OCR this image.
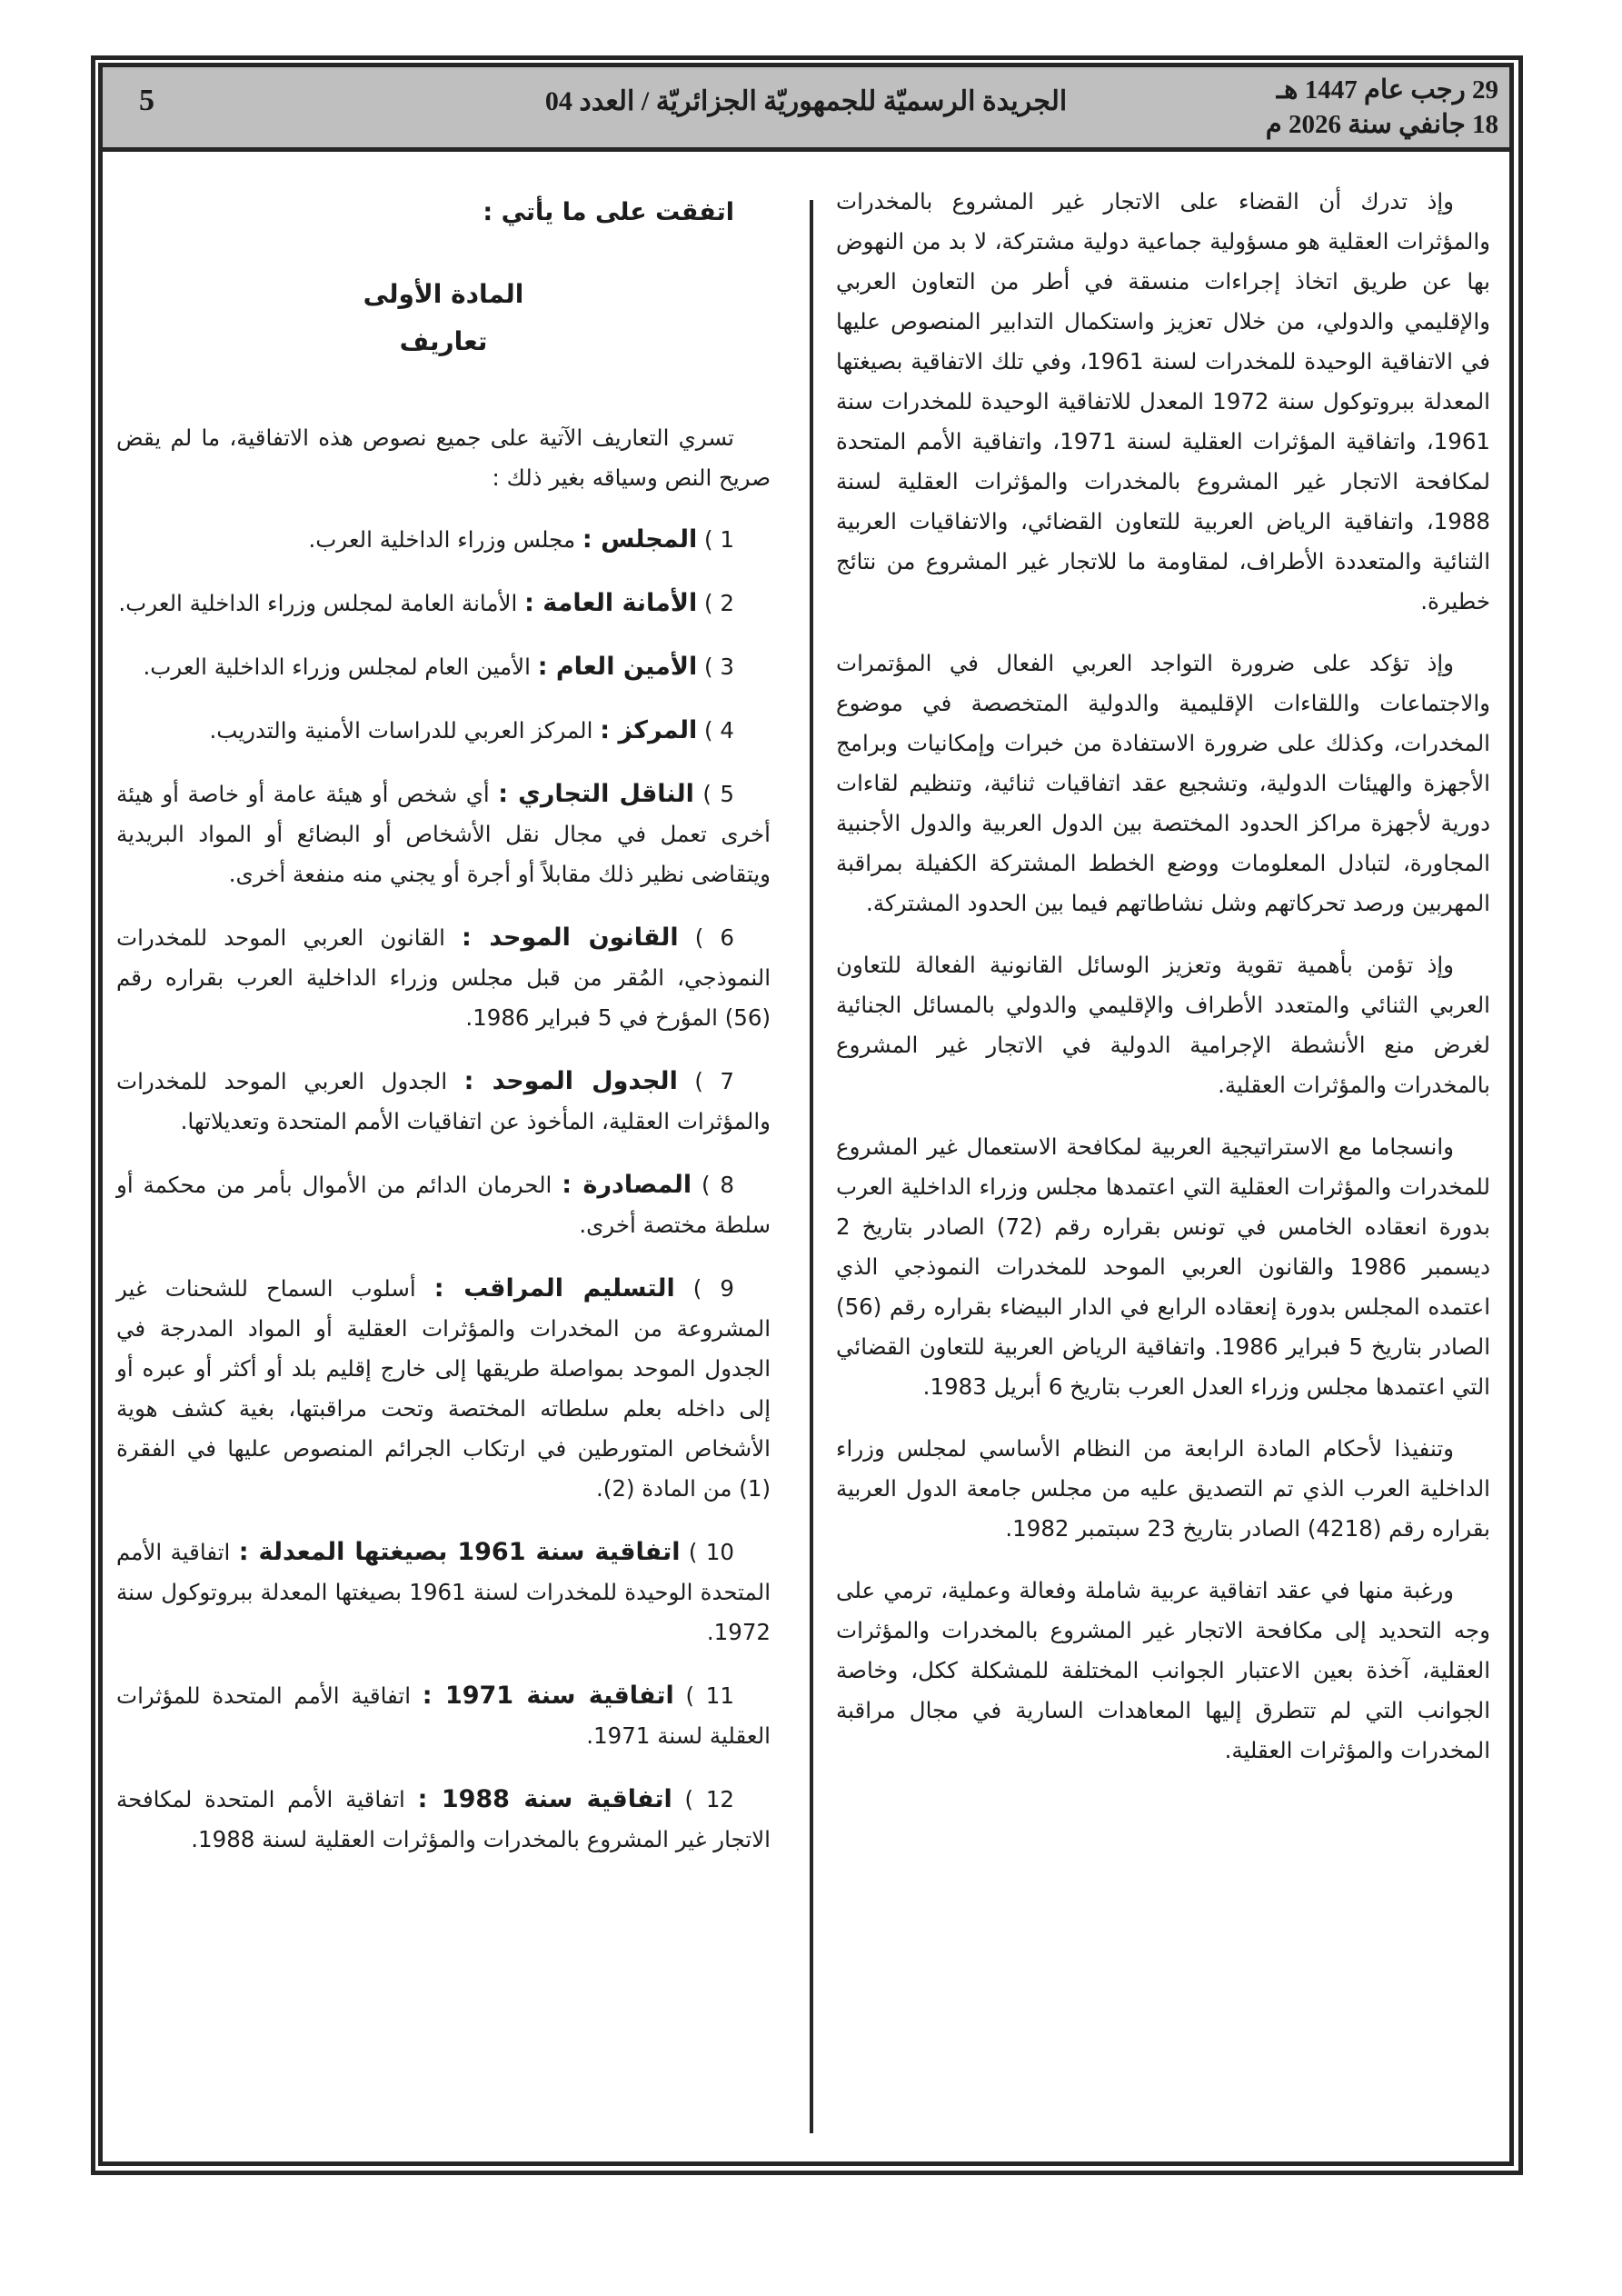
29 رجب عام 1447 هـ
18 جانفي سنة 2026 م
الجريدة الرسميّة للجمهوريّة الجزائريّة / العدد 04
5

وإذ تدرك أن القضاء على الاتجار غير المشروع بالمخدرات والمؤثرات العقلية هو مسؤولية جماعية دولية مشتركة، لا بد من النهوض بها عن طريق اتخاذ إجراءات منسقة في أطر من التعاون العربي والإقليمي والدولي، من خلال تعزيز واستكمال التدابير المنصوص عليها في الاتفاقية الوحيدة للمخدرات لسنة 1961، وفي تلك الاتفاقية بصيغتها المعدلة ببروتوكول سنة 1972 المعدل للاتفاقية الوحيدة للمخدرات سنة 1961، واتفاقية المؤثرات العقلية لسنة 1971، واتفاقية الأمم المتحدة لمكافحة الاتجار غير المشروع بالمخدرات والمؤثرات العقلية لسنة 1988، واتفاقية الرياض العربية للتعاون القضائي، والاتفاقيات العربية الثنائية والمتعددة الأطراف، لمقاومة ما للاتجار غير المشروع من نتائج خطيرة.

وإذ تؤكد على ضرورة التواجد العربي الفعال في المؤتمرات والاجتماعات واللقاءات الإقليمية والدولية المتخصصة في موضوع المخدرات، وكذلك على ضرورة الاستفادة من خبرات وإمكانيات وبرامج الأجهزة والهيئات الدولية، وتشجيع عقد اتفاقيات ثنائية، وتنظيم لقاءات دورية لأجهزة مراكز الحدود المختصة بين الدول العربية والدول الأجنبية المجاورة، لتبادل المعلومات ووضع الخطط المشتركة الكفيلة بمراقبة المهربين ورصد تحركاتهم وشل نشاطاتهم فيما بين الحدود المشتركة.

وإذ تؤمن بأهمية تقوية وتعزيز الوسائل القانونية الفعالة للتعاون العربي الثنائي والمتعدد الأطراف والإقليمي والدولي بالمسائل الجنائية لغرض منع الأنشطة الإجرامية الدولية في الاتجار غير المشروع بالمخدرات والمؤثرات العقلية.

وانسجاما مع الاستراتيجية العربية لمكافحة الاستعمال غير المشروع للمخدرات والمؤثرات العقلية التي اعتمدها مجلس وزراء الداخلية العرب بدورة انعقاده الخامس في تونس بقراره رقم (72) الصادر بتاريخ 2 ديسمبر 1986 والقانون العربي الموحد للمخدرات النموذجي الذي اعتمده المجلس بدورة إنعقاده الرابع في الدار البيضاء بقراره رقم (56) الصادر بتاريخ 5 فبراير 1986. واتفاقية الرياض العربية للتعاون القضائي التي اعتمدها مجلس وزراء العدل العرب بتاريخ 6 أبريل 1983.

وتنفيذا لأحكام المادة الرابعة من النظام الأساسي لمجلس وزراء الداخلية العرب الذي تم التصديق عليه من مجلس جامعة الدول العربية بقراره رقم (4218) الصادر بتاريخ 23 سبتمبر 1982.

ورغبة منها في عقد اتفاقية عربية شاملة وفعالة وعملية، ترمي على وجه التحديد إلى مكافحة الاتجار غير المشروع بالمخدرات والمؤثرات العقلية، آخذة بعين الاعتبار الجوانب المختلفة للمشكلة ككل، وخاصة الجوانب التي لم تتطرق إليها المعاهدات السارية في مجال مراقبة المخدرات والمؤثرات العقلية.

اتفقت على ما يأتي :

المادة الأولى

تعاريف

تسري التعاريف الآتية على جميع نصوص هذه الاتفاقية، ما لم يقض صريح النص وسياقه بغير ذلك :

1 ) المجلس : مجلس وزراء الداخلية العرب.

2 ) الأمانة العامة : الأمانة العامة لمجلس وزراء الداخلية العرب.

3 ) الأمين العام : الأمين العام لمجلس وزراء الداخلية العرب.

4 ) المركز : المركز العربي للدراسات الأمنية والتدريب.

5 ) الناقل التجاري : أي شخص أو هيئة عامة أو خاصة أو هيئة أخرى تعمل في مجال نقل الأشخاص أو البضائع أو المواد البريدية ويتقاضى نظير ذلك مقابلاً أو أجرة أو يجني منه منفعة أخرى.

6 ) القانون الموحد : القانون العربي الموحد للمخدرات النموذجي، المُقر من قبل مجلس وزراء الداخلية العرب بقراره رقم (56) المؤرخ في 5 فبراير 1986.

7 ) الجدول الموحد : الجدول العربي الموحد للمخدرات والمؤثرات العقلية، المأخوذ عن اتفاقيات الأمم المتحدة وتعديلاتها.

8 ) المصادرة : الحرمان الدائم من الأموال بأمر من محكمة أو سلطة مختصة أخرى.

9 ) التسليم المراقب : أسلوب السماح للشحنات غير المشروعة من المخدرات والمؤثرات العقلية أو المواد المدرجة في الجدول الموحد بمواصلة طريقها إلى خارج إقليم بلد أو أكثر أو عبره أو إلى داخله بعلم سلطاته المختصة وتحت مراقبتها، بغية كشف هوية الأشخاص المتورطين في ارتكاب الجرائم المنصوص عليها في الفقرة (1) من المادة (2).

10 ) اتفاقية سنة 1961 بصيغتها المعدلة : اتفاقية الأمم المتحدة الوحيدة للمخدرات لسنة 1961 بصيغتها المعدلة ببروتوكول سنة 1972.

11 ) اتفاقية سنة 1971 : اتفاقية الأمم المتحدة للمؤثرات العقلية لسنة 1971.

12 ) اتفاقية سنة 1988 : اتفاقية الأمم المتحدة لمكافحة الاتجار غير المشروع بالمخدرات والمؤثرات العقلية لسنة 1988.
